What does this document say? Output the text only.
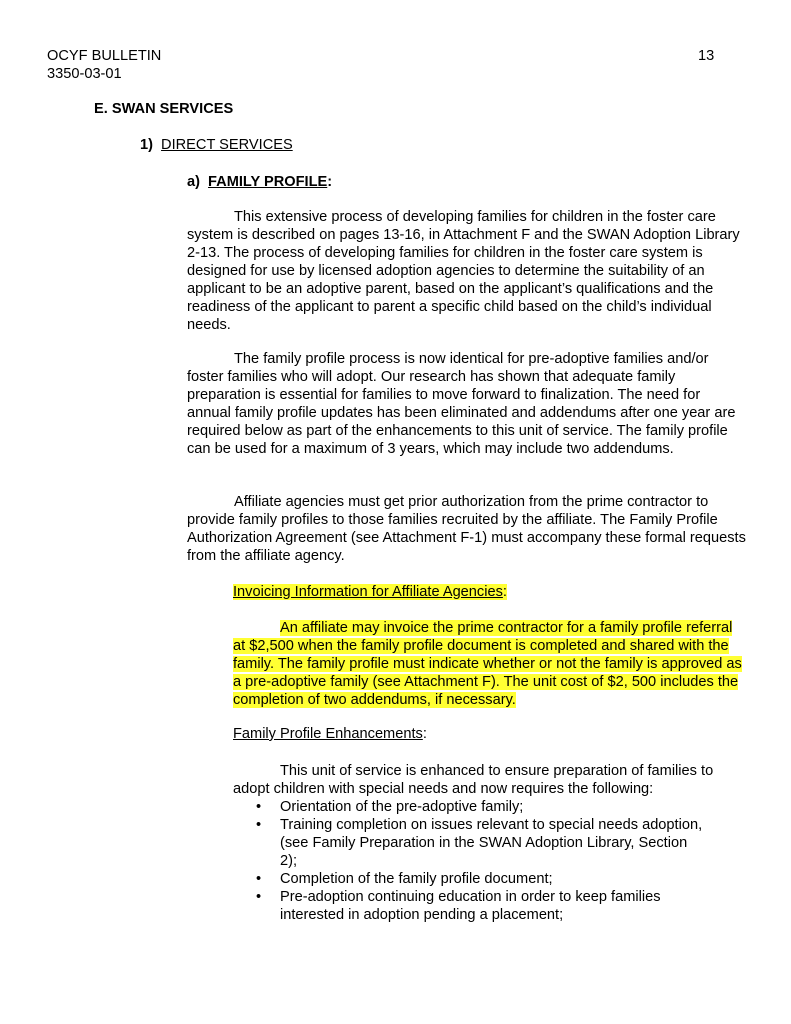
OCYF BULLETIN
3350-03-01
13
E. SWAN SERVICES
1) DIRECT SERVICES
a) FAMILY PROFILE:

This extensive process of developing families for children in the foster care system is described on pages 13-16, in Attachment F and the SWAN Adoption Library 2-13. The process of developing families for children in the foster care system is designed for use by licensed adoption agencies to determine the suitability of an applicant to be an adoptive parent, based on the applicant’s qualifications and the readiness of the applicant to parent a specific child based on the child’s individual needs.

The family profile process is now identical for pre-adoptive families and/or foster families who will adopt. Our research has shown that adequate family preparation is essential for families to move forward to finalization. The need for annual family profile updates has been eliminated and addendums after one year are required below as part of the enhancements to this unit of service. The family profile can be used for a maximum of 3 years, which may include two addendums.

Affiliate agencies must get prior authorization from the prime contractor to provide family profiles to those families recruited by the affiliate. The Family Profile Authorization Agreement (see Attachment F-1) must accompany these formal requests from the affiliate agency.

Invoicing Information for Affiliate Agencies:

An affiliate may invoice the prime contractor for a family profile referral at $2,500 when the family profile document is completed and shared with the family. The family profile must indicate whether or not the family is approved as a pre-adoptive family (see Attachment F). The unit cost of $2, 500 includes the completion of two addendums, if necessary.

Family Profile Enhancements:

This unit of service is enhanced to ensure preparation of families to adopt children with special needs and now requires the following:

• Orientation of the pre-adoptive family;
• Training completion on issues relevant to special needs adoption, (see Family Preparation in the SWAN Adoption Library, Section 2);
• Completion of the family profile document;
• Pre-adoption continuing education in order to keep families interested in adoption pending a placement;
